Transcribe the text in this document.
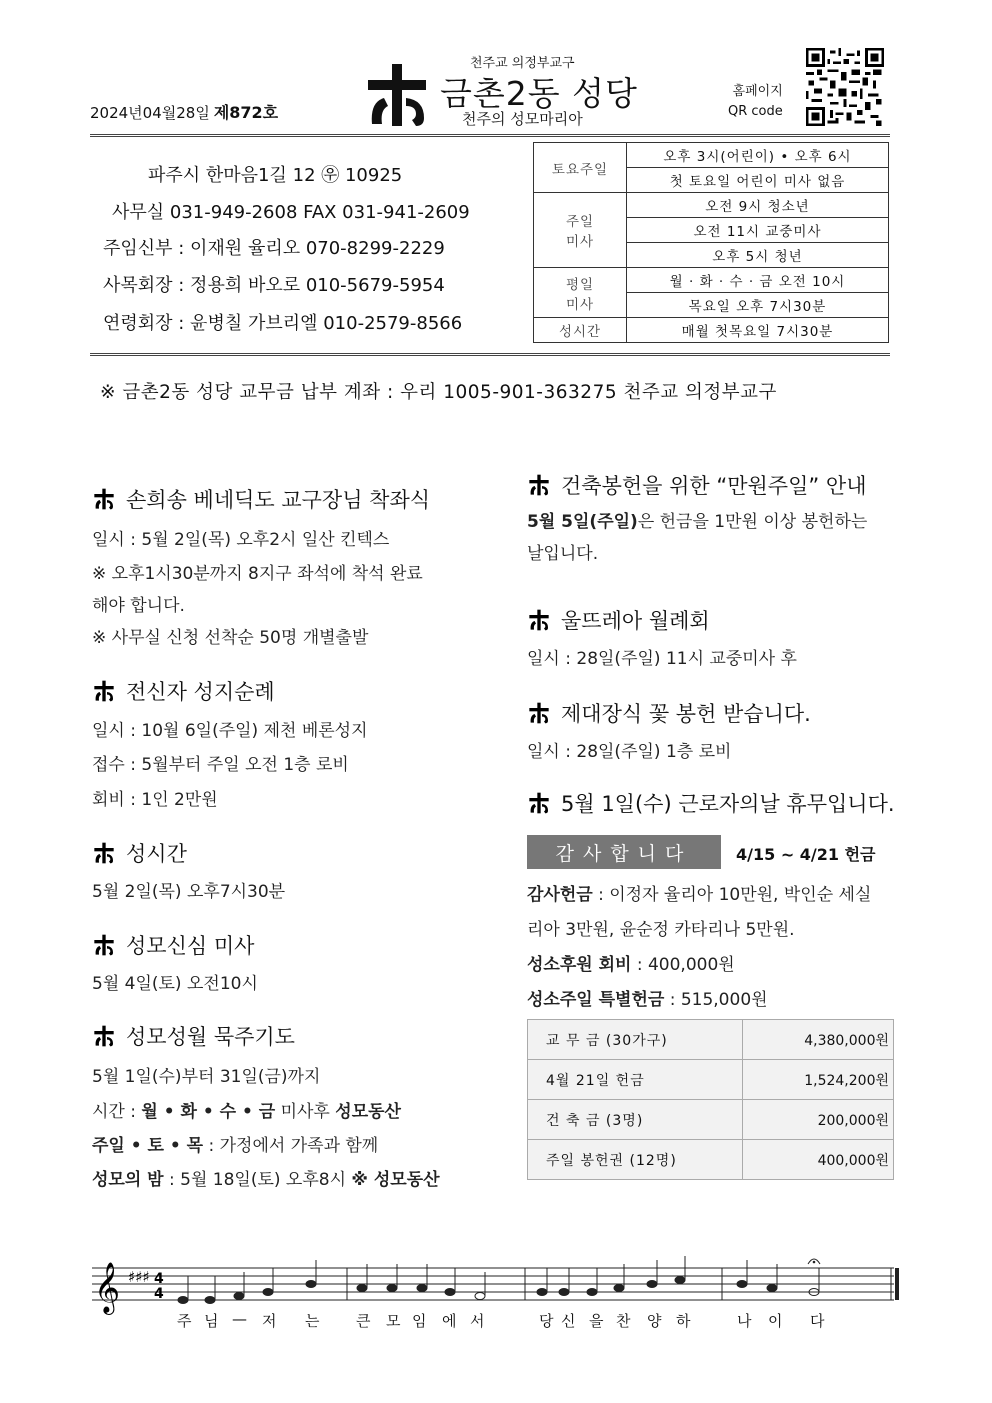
2024년04월28일 제872호
천주교 의정부교구
금촌2동 성당
천주의 성모마리아
홈페이지
QR code
파주시 한마음1길 12 ㉾ 10925
사무실 031-949-2608 FAX 031-941-2609
주임신부 : 이재원 율리오 070-8299-2229
사목회장 : 정용희 바오로 010-5679-5954
연령회장 : 윤병칠 가브리엘 010-2579-8566
토요주일	오후 3시(어린이) • 오후 6시
	첫 토요일 어린이 미사 없음

주일
미사	오전 9시 청소년
	오전 11시 교중미사
	오후 5시 청년

평일
미사	월 · 화 · 수 · 금 오전 10시
	목요일 오후 7시30분
성시간	매월 첫목요일 7시30분
※ 금촌2동 성당 교무금 납부 계좌 : 우리 1005-901-363275 천주교 의정부교구
손희송 베네딕도 교구장님 착좌식
일시 : 5월 2일(목) 오후2시 일산 킨텍스
※ 오후1시30분까지 8지구 좌석에 착석 완료
해야 합니다.
※ 사무실 신청 선착순 50명 개별출발
전신자 성지순례
일시 : 10월 6일(주일) 제천 베론성지
접수 : 5월부터 주일 오전 1층 로비
회비 : 1인 2만원
성시간
5월 2일(목) 오후7시30분
성모신심 미사
5월 4일(토) 오전10시
성모성월 묵주기도
5월 1일(수)부터 31일(금)까지
시간 : 월 • 화 • 수 • 금 미사후 성모동산
주일 • 토 • 목 : 가정에서 가족과 함께
성모의 밤 : 5월 18일(토) 오후8시 ※ 성모동산
건축봉헌을 위한 “만원주일” 안내
5월 5일(주일)은 헌금을 1만원 이상 봉헌하는
날입니다.
울뜨레아 월례회
일시 : 28일(주일) 11시 교중미사 후
제대장식 꽃 봉헌 받습니다.
일시 : 28일(주일) 1층 로비
5월 1일(수) 근로자의날 휴무입니다.
감사합니다	4/15 ~ 4/21 헌금
감사헌금 : 이정자 율리아 10만원, 박인순 세실
리아 3만원, 윤순정 카타리나 5만원.
성소후원 회비 : 400,000원
성소주일 특별헌금 : 515,000원
교 무 금 (30가구)	4,380,000원
4월 21일 헌금	1,524,200원
건 축 금 (3명)	200,000원
주일 봉헌권 (12명)	400,000원
𝄞 ♯♯♯ 4
4
주 님 — 저 는 큰 모 임 에 서	당 신 을 찬 양 하	나 이 다
